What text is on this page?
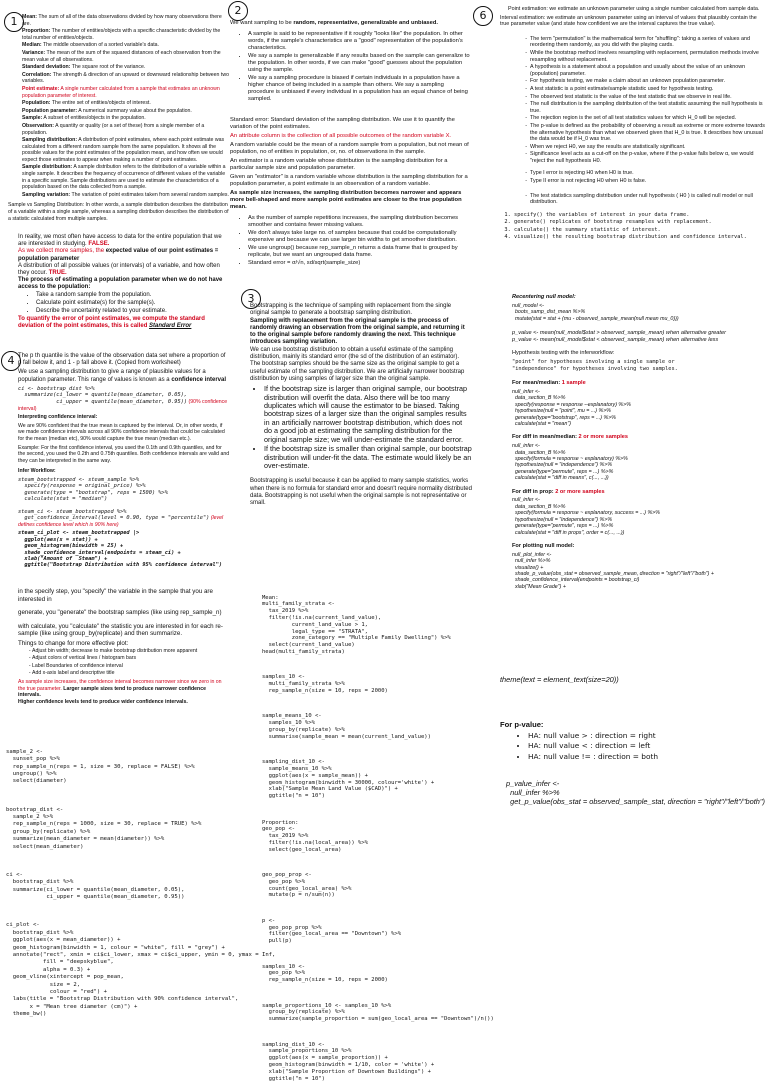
1
2
3
4
6

Mean: The sum of all of the data observations divided by how many observations there are.

Proportion: The number of entities/objects with a specific characteristic divided by the total number of entities/objects.

Median: The middle observation of a sorted variable's data.

Variance: The mean of the sum of the squared distances of each observation from the mean value of all observations.

Standard deviation: The square root of the variance.

Correlation: The strength & direction of an upward or downward relationship between two variables.

Point estimate: A single number calculated from a sample that estimates an unknown population parameter of interest.

Population: The entire set of entities/objects of interest.

Population parameter: A numerical summary value about the population.

Sample: A subset of entities/objects in the population.

Observation: A quantity or quality (or a set of these) from a single member of a population.

Sampling distribution: A distribution of point estimates, where each point estimate was calculated from a different random sample from the same population. It shows all the possible values for the point estimates of the population mean, and how often we would expect those estimates to appear when making a number of point estimates.

Sample distribution: A sample distribution refers to the distribution of a variable within a single sample. It describes the frequency of occurrence of different values of the variable in a specific sample. Sample distributions are used to estimate the characteristics of a population based on the data collected from a sample.

Sampling variation: The variation of point estimates taken from several random samples.

Sample vs Sampling Distribution: In other words, a sample distribution describes the distribution of a variable within a single sample, whereas a sampling distribution describes the distribution of a statistic calculated from multiple samples.

In reality, we most often have access to data for the entire population that we are interested in studying. FALSE.

As we collect more samples, the expected value of our point estimates = population parameter

A distribution of all possible values (or intervals) of a variable, and how often they occur. TRUE.

The process of estimating a population parameter when we do not have access to the population:

• Take a random sample from the population.
• Calculate point estimate(s) for the sample(s).
• Describe the uncertainty related to your estimate.

To quantify the error of point estimates, we compute the standard deviation of the point estimates, this is called Standard Error

The p th quantile is the value of the observation data set where a proportion of p fall below it, and 1 - p fall above it. (Copied from worksheet)

We use a sampling distribution to give a range of plausible values for a population parameter. This range of values is known as a confidence interval

ci <- bootstrap_dist %>%
summarize(ci_lower = quantile(mean_diameter, 0.05),
ci_upper = quantile(mean_diameter, 0.95)) (90% confidence interval)

Interpreting confidence interval:

We are 90% confident that the true mean is captured by the interval. Or, in other words, if we made confidence intervals across all 90% confidence intervals that could be calculated for the mean (median etc), 90% would capture the true mean (median etc.).

Example: For the first confidence interval, you used the 0.1th and 0.9th quantiles, and for the second, you used the 0.2th and 0.75th quantiles. Both confidence intervals are valid and they can be interpreted in the same way.

Infer Workflow:

steam_bootstrapped <- steam_sample %>%
specify(response = original_price) %>%
generate(type = "bootstrap", reps = 1500) %>%
calculate(stat = "median")
steam_ci <- steam_bootstrapped %>%
get_confidence_interval(level = 0.90, type = "percentile") (level defines confidence level which is 90% here)
steam_ci_plot <- steam_bootstrapped |>
ggplot(aes(x = stat)) +
geom_histogram(binwidth = 25) +
shade_confidence_interval(endpoints = steam_ci) +
xlab("Amount of  Steam") +
ggtitle("Bootstrap Distribution with 95% confidence interval")

in the specify step, you "specify" the variable in the sample that you are interested in

generate, you "generate" the bootstrap samples (like using rep_sample_n)

with calculate, you "calculate" the statistic you are interested in for each re-sample (like using group_by(replicate) and then summarize.

Things to change for more effective plot:

- Adjust bin width; decrease to make bootstrap distribution more apparent
- Adjust colors of vertical lines / histogram bars
- Label Boundaries of confidence interval
- Add x-axis label and descriptive title

As sample size increases, the confidence interval becomes narrower since we zero in on the true parameter. Larger sample sizes tend to produce narrower confidence intervals.

Higher confidence levels tend to produce wider confidence intervals.

sample_2 <-
sunset_pop %>%
rep_sample_n(reps = 1, size = 30, replace = FALSE) %>%
ungroup() %>%
select(diameter)

bootstrap_dist <-
sample_2 %>%
rep_sample_n(reps = 1000, size = 30, replace = TRUE) %>%
group_by(replicate) %>%
summarize(mean_diameter = mean(diameter)) %>%
select(mean_diameter)

ci <-
bootstrap_dist %>%
summarize(ci_lower = quantile(mean_diameter, 0.05),
ci_upper = quantile(mean_diameter, 0.95))

ci_plot <-
bootstrap_dist %>%
ggplot(aes(x = mean_diameter)) +
geom_histogram(binwidth = 1, colour = "white", fill = "grey") +
annotate("rect", xmin = ci$ci_lower, xmax = ci$ci_upper, ymin = 0, ymax = Inf,
fill = "deepskyblue",
alpha = 0.3) +
geom_vline(xintercept = pop_mean,
size = 2,
colour = "red") +
labs(title = "Bootstrap Distribution with 90% confidence interval",
x = "Mean tree diameter (cm)") +
theme_bw()

We want sampling to be random, representative, generalizable and unbiased.

• A sample is said to be representative if it roughly "looks like" the population. In other words, if the sample's characteristics are a "good" representation of the population's characteristics.
• We say a sample is generalizable if any results based on the sample can generalize to the population. In other words, if we can make "good" guesses about the population using the sample.
• We say a sampling procedure is biased if certain individuals in a population have a higher chance of being included in a sample than others. We say a sampling procedure is unbiased if every individual in a population has an equal chance of being sampled.

Standard error: Standard deviation of the sampling distribution. We use it to quantify the variation of the point estimates.

An attribute column is the collection of all possible outcomes of the random variable X.

A random variable could be the mean of a random sample from a population, but not mean of population, no of entities in population, or, no. of observations in the sample.

An estimator is a random variable whose distribution is the sampling distribution for a particular sample size and population parameter.

Given an "estimator" is a random variable whose distribution is the sampling distribution for a population parameter, a point estimate is an observation of a random variable.

As sample size increases, the sampling distribution becomes narrower and appears more bell-shaped and more sample point estimates are closer to the true population mean.

• As the number of sample repetitions increases, the sampling distribution becomes smoother and contains fewer missing values.
• We don't always take large no. of samples because that could be computationally expensive and because we can use larger bin widths to get smoother distribution.
• We use ungroup() because rep_sample_n returns a data frame that is grouped by replicate, but we want an ungrouped data frame.
• Standard error = σ/√n, sd/sqrt(sample_size)

Bootstrapping is the technique of sampling with replacement from the single original sample to generate a bootstrap sampling distribution.

Sampling with replacement from the original sample is the process of randomly drawing an observation from the original sample, and returning it to the original sample before randomly drawing the next. This technique introduces sampling variation.

We can use bootstrap distribution to obtain a useful estimate of the sampling distribution, mainly its standard error (the sd of the distribution of an estimator).

The bootstrap samples should be the same size as the original sample to get a useful estimate of the sampling distribution. We are artificially narrower bootstrap distribution by using samples of larger size than the original sample.

• If the bootstrap size is larger than original sample, our bootstrap distribution will overfit the data. Also there will be too many duplicates which will cause the estimator to be biased. Taking bootstrap sizes of a larger size than the original samples results in an artificially narrower bootstrap distribution, which does not do a good job at estimating the sampling distribution for the original sample size; we will under-estimate the standard error.
• If the bootstrap size is smaller than original sample, our bootstrap distribution will under-fit the data. The estimate would likely be an over-estimate.

Bootstrapping is useful because it can be applied to many sample statistics, works when there is no formula for standard error and doesn't require normality distributed data. Bootstrapping is not useful when the original sample is not representative or small.

Mean:
multi_family_strata <-
tax_2019 %>%
filter(!is.na(current_land_value),
current_land_value > 1,
legal_type == "STRATA",
zone_category == "Multiple Family Dwelling") %>%
select(current_land_value)
head(multi_family_strata)

samples_10 <-
multi_family_strata %>%
rep_sample_n(size = 10, reps = 2000)

sample_means_10 <-
samples_10 %>%
group_by(replicate) %>%
summarise(sample_mean = mean(current_land_value))

sampling_dist_10 <-
sample_means_10 %>%
ggplot(aes(x = sample_mean)) +
geom_histogram(binwidth = 30000, colour='white') +
xlab("Sample Mean Land Value ($CAD)") +
ggtitle("n = 10")

Proportion:
geo_pop <-
tax_2019 %>%
filter(!is.na(local_area)) %>%
select(geo_local_area)

geo_pop_prop <-
geo_pop %>%
count(geo_local_area) %>%
mutate(p = n/sum(n))

p <-
geo_pop_prop %>%
filter(geo_local_area == "Downtown") %>%
pull(p)

samples_10 <-
geo_pop %>%
rep_sample_n(size = 10, reps = 2000)

sample_proportions_10 <- samples_10 %>%
group_by(replicate) %>%
summarize(sample_proportion = sum(geo_local_area == "Downtown")/n())

sampling_dist_10 <-
sample_proportions_10 %>%
ggplot(aes(x = sample_proportion)) +
geom_histogram(binwidth = 1/10, color = 'white') +
xlab("Sample Proportion of Downtown Buildings") +
ggtitle("n = 10")

Point estimation: we estimate an unknown parameter using a single number calculated from sample data.

Interval estimation: we estimate an unknown parameter using an interval of values that plausibly contain the true parameter value (and state how confident we are the interval captures the true value).

- The term "permutation" is the mathematical term for "shuffling": taking a series of values and reordering them randomly, as you did with the playing cards.
- While the bootstrap method involves resampling with replacement, permutation methods involve resampling without replacement.
- A hypothesis is a statement about a population and usually about the value of an unknown (population) parameter.
- For hypothesis testing, we make a claim about an unknown population parameter.
- A test statistic is a point estimate/sample statistic used for hypothesis testing.
- The observed test statistic is the value of the test statistic that we observe in real life.
- The null distribution is the sampling distribution of the test statistic assuming the null hypothesis is true.
- The rejection region is the set of all test statistics values for which H_0 will be rejected.
- The p-value is defined as the probability of observing a result as extreme or more extreme towards the alternative hypothesis than what we observed given that H_0 is true. It describes how unusual the data would be if H_0 was true.
- When we reject H0, we say the results are statistically significant.
- Significance level acts as a cut-off on the p-value, where if the p-value falls below α, we would "reject the null hypothesis H0.
- Type I error is rejecting H0 when H0 is true.
- Type II error is not rejecting H0 when H0 is false.
- The test statistics sampling distribution under null hypothesis ( H0 ) is called null model or null distribution.
1. specify() the variables of interest in your data frame.
2. generate() replicates of bootstrap resamples with replacement.
3. calculate() the summary statistic of interest.
4. visualize() the resulting bootstrap distribution and confidence interval.

Recentering null model:

null_model <-
boots_samp_dist_mean %>%
mutate(stat = stat + (mu - observed_sample_mean(null mean mu_0)))
p_value <- mean(null_model$stat > observed_sample_mean) when alternative greater
p_value <- mean(null_model$stat < observed_sample_mean) when alternative less

Hypothesis testing with the inferworkflow:

"point" for hypotheses involving a single sample or
"independence" for hypotheses involving two samples.

For mean/median: 1 sample

null_infer <-
data_section_B %>%
specify(response = response --explanatory) %>%
hypothesize(null = "point", mu = ...) %>%
generate(type="bootstrap", reps = ...) %>%
calculate(stat = "mean")

For diff in mean/median: 2 or more samples

null_infer <-
data_section_B %>%
specify(formula = response ~ explanatory) %>%
hypothesize(null = "independence") %>%
generate(type="permute", reps = ...) %>%
calculate(stat = "diff in means", c(..., ...))

For diff in prop: 2 or more samples

null_infer <-
data_section_B %>%
specify(formula = response ~ explanatory, success = ...) %>%
hypothesize(null = "independence") %>%
generate(type="permute", reps = ...) %>%
calculate(stat = "diff in props", order = c(..., ...))

For plotting null model:

null_plot_infer <-
null_infer %>%
visualize() +
shade_p_value(obs_stat = observed_sample_mean, direction = "right"/"left"/"both") +
shade_confidence_interval(endpoints = bootstrap_ci)
xlab("Mean Grade") +

theme(text = element_text(size=20))

For p-value:

• HA: null value > : direction = right
• HA: null value < : direction = left
• HA: null value != : direction = both
p_value_infer <-
null_infer %>%
get_p_value(obs_stat = observed_sample_stat, direction = "right"/"left"/"both")
